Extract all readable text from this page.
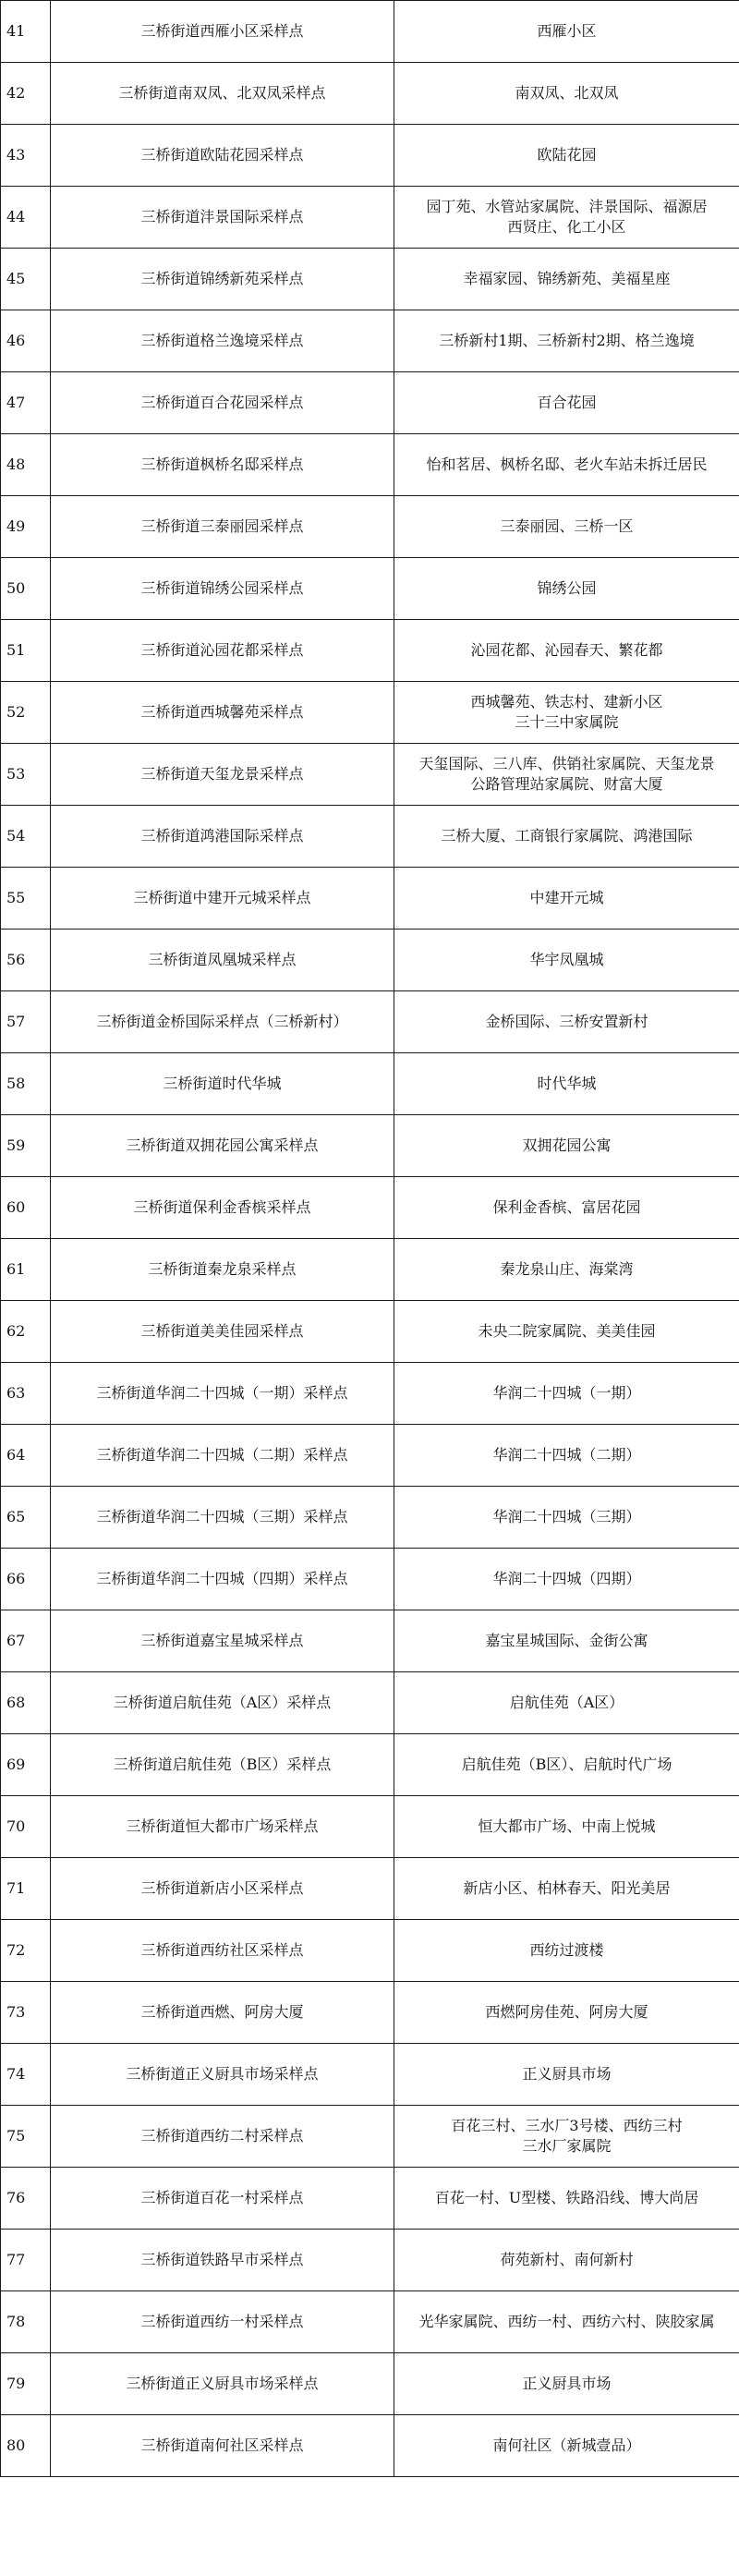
41	三桥街道西雁小区采样点	西雁小区

42	三桥街道南双凤、北双凤采样点	南双凤、北双凤

43	三桥街道欧陆花园采样点	欧陆花园

44	三桥街道沣景国际采样点	园丁苑、水管站家属院、沣景国际、福源居
西贤庄、化工小区

45	三桥街道锦绣新苑采样点	幸福家园、锦绣新苑、美福星座

46	三桥街道格兰逸境采样点	三桥新村1期、三桥新村2期、格兰逸境

47	三桥街道百合花园采样点	百合花园

48	三桥街道枫桥名邸采样点	怡和茗居、枫桥名邸、老火车站未拆迁居民

49	三桥街道三泰丽园采样点	三泰丽园、三桥一区

50	三桥街道锦绣公园采样点	锦绣公园

51	三桥街道沁园花都采样点	沁园花都、沁园春天、繁花都

52	三桥街道西城馨苑采样点	西城馨苑、铁志村、建新小区
三十三中家属院

53	三桥街道天玺龙景采样点	天玺国际、三八库、供销社家属院、天玺龙景
公路管理站家属院、财富大厦

54	三桥街道鸿港国际采样点	三桥大厦、工商银行家属院、鸿港国际

55	三桥街道中建开元城采样点	中建开元城

56	三桥街道凤凰城采样点	华宇凤凰城

57	三桥街道金桥国际采样点（三桥新村）	金桥国际、三桥安置新村

58	三桥街道时代华城	时代华城

59	三桥街道双拥花园公寓采样点	双拥花园公寓

60	三桥街道保利金香槟采样点	保利金香槟、富居花园

61	三桥街道秦龙泉采样点	秦龙泉山庄、海棠湾

62	三桥街道美美佳园采样点	未央二院家属院、美美佳园

63	三桥街道华润二十四城（一期）采样点	华润二十四城（一期）

64	三桥街道华润二十四城（二期）采样点	华润二十四城（二期）

65	三桥街道华润二十四城（三期）采样点	华润二十四城（三期）

66	三桥街道华润二十四城（四期）采样点	华润二十四城（四期）

67	三桥街道嘉宝星城采样点	嘉宝星城国际、金街公寓

68	三桥街道启航佳苑（A区）采样点	启航佳苑（A区）

69	三桥街道启航佳苑（B区）采样点	启航佳苑（B区）、启航时代广场

70	三桥街道恒大都市广场采样点	恒大都市广场、中南上悦城

71	三桥街道新店小区采样点	新店小区、柏林春天、阳光美居

72	三桥街道西纺社区采样点	西纺过渡楼

73	三桥街道西燃、阿房大厦	西燃阿房佳苑、阿房大厦

74	三桥街道正义厨具市场采样点	正义厨具市场

75	三桥街道西纺二村采样点	百花三村、三水厂3号楼、西纺三村
三水厂家属院

76	三桥街道百花一村采样点	百花一村、U型楼、铁路沿线、博大尚居

77	三桥街道铁路早市采样点	荷苑新村、南何新村

78	三桥街道西纺一村采样点	光华家属院、西纺一村、西纺六村、陕胶家属

79	三桥街道正义厨具市场采样点	正义厨具市场

80	三桥街道南何社区采样点	南何社区（新城壹品）
